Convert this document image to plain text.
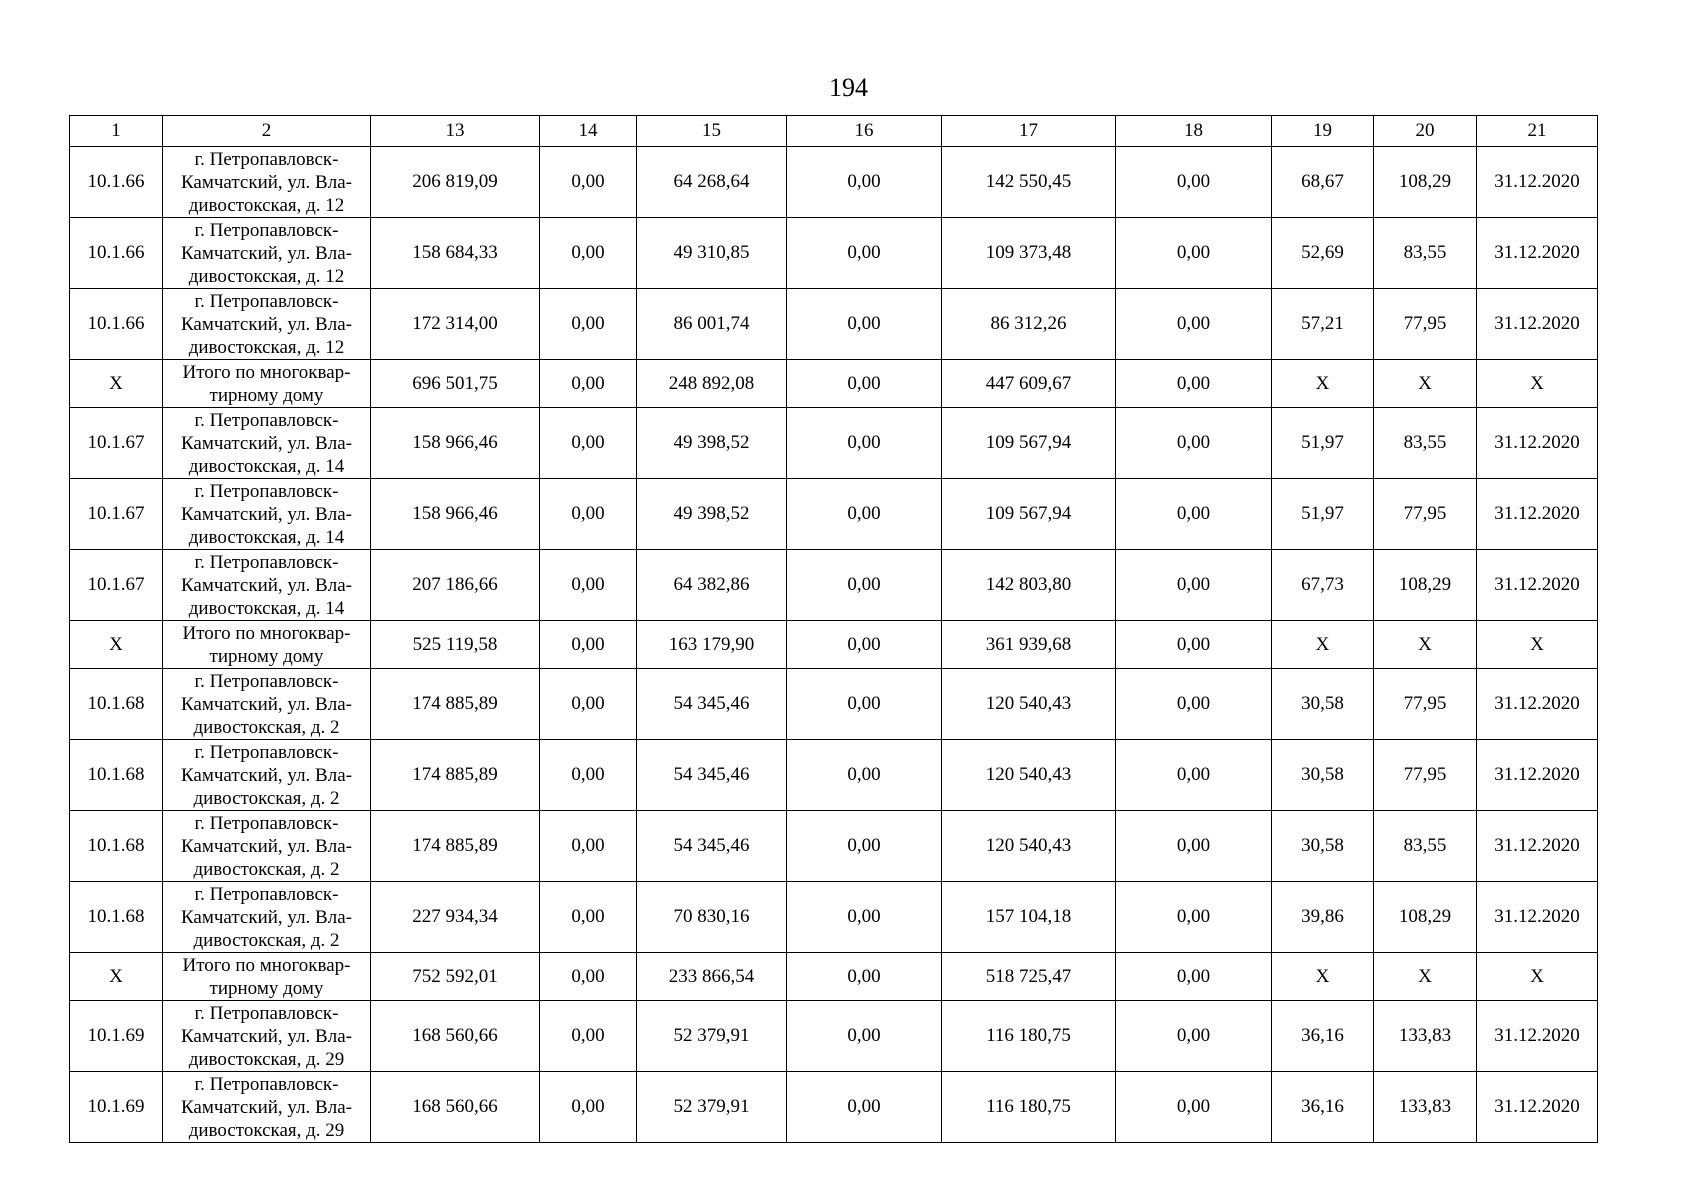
194
1	2	13	14	15	16	17	18	19	20	21
10.1.66	г. Петропавловск-Камчатский, ул. Вла-дивостокская, д. 12	206 819,09	0,00	64 268,64	0,00	142 550,45	0,00	68,67	108,29	31.12.2020
10.1.66	г. Петропавловск-Камчатский, ул. Вла-дивостокская, д. 12	158 684,33	0,00	49 310,85	0,00	109 373,48	0,00	52,69	83,55	31.12.2020
10.1.66	г. Петропавловск-Камчатский, ул. Вла-дивостокская, д. 12	172 314,00	0,00	86 001,74	0,00	86 312,26	0,00	57,21	77,95	31.12.2020
X	Итого по многоквар-тирному дому	696 501,75	0,00	248 892,08	0,00	447 609,67	0,00	X	X	X
10.1.67	г. Петропавловск-Камчатский, ул. Вла-дивостокская, д. 14	158 966,46	0,00	49 398,52	0,00	109 567,94	0,00	51,97	83,55	31.12.2020
10.1.67	г. Петропавловск-Камчатский, ул. Вла-дивостокская, д. 14	158 966,46	0,00	49 398,52	0,00	109 567,94	0,00	51,97	77,95	31.12.2020
10.1.67	г. Петропавловск-Камчатский, ул. Вла-дивостокская, д. 14	207 186,66	0,00	64 382,86	0,00	142 803,80	0,00	67,73	108,29	31.12.2020
X	Итого по многоквар-тирному дому	525 119,58	0,00	163 179,90	0,00	361 939,68	0,00	X	X	X
10.1.68	г. Петропавловск-Камчатский, ул. Вла-дивостокская, д. 2	174 885,89	0,00	54 345,46	0,00	120 540,43	0,00	30,58	77,95	31.12.2020
10.1.68	г. Петропавловск-Камчатский, ул. Вла-дивостокская, д. 2	174 885,89	0,00	54 345,46	0,00	120 540,43	0,00	30,58	77,95	31.12.2020
10.1.68	г. Петропавловск-Камчатский, ул. Вла-дивостокская, д. 2	174 885,89	0,00	54 345,46	0,00	120 540,43	0,00	30,58	83,55	31.12.2020
10.1.68	г. Петропавловск-Камчатский, ул. Вла-дивостокская, д. 2	227 934,34	0,00	70 830,16	0,00	157 104,18	0,00	39,86	108,29	31.12.2020
X	Итого по многоквар-тирному дому	752 592,01	0,00	233 866,54	0,00	518 725,47	0,00	X	X	X
10.1.69	г. Петропавловск-Камчатский, ул. Вла-дивостокская, д. 29	168 560,66	0,00	52 379,91	0,00	116 180,75	0,00	36,16	133,83	31.12.2020
10.1.69	г. Петропавловск-Камчатский, ул. Вла-дивостокская, д. 29	168 560,66	0,00	52 379,91	0,00	116 180,75	0,00	36,16	133,83	31.12.2020
